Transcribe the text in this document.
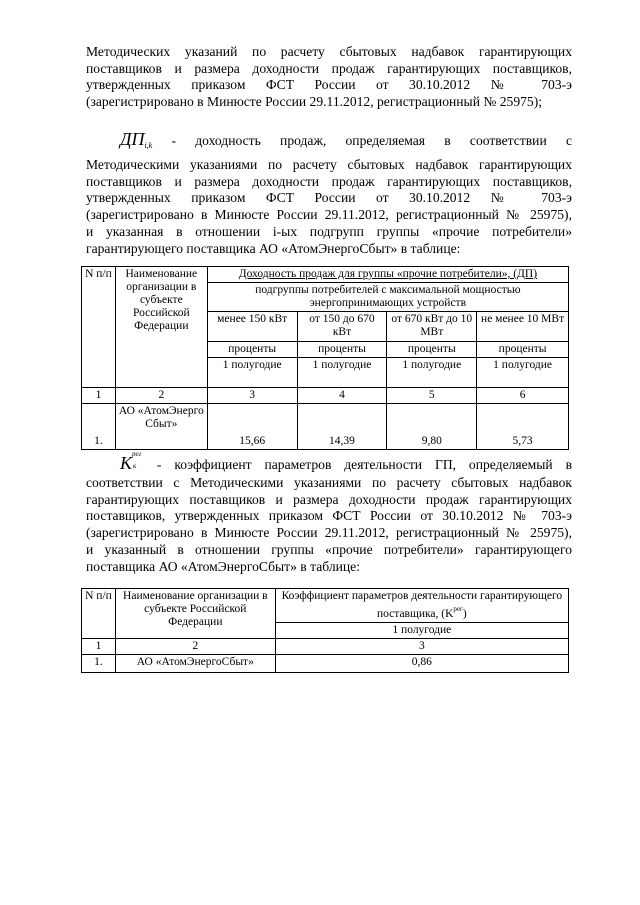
Методических указаний по расчету сбытовых надбавок гарантирующих
поставщиков и размера доходности продаж гарантирующих поставщиков,
утвержденных приказом ФСТ России от 30.10.2012 № 703-э
(зарегистрировано в Минюсте России 29.11.2012, регистрационный № 25975);
$ДП_{i,k}$ - доходность продаж, определяемая в соответствии с
Методическими указаниями по расчету сбытовых надбавок гарантирующих
поставщиков и размера доходности продаж гарантирующих поставщиков,
утвержденных приказом ФСТ России от 30.10.2012 № 703-э
(зарегистрировано в Минюсте России 29.11.2012, регистрационный № 25975),
и указанная в отношении i-ых подгрупп группы «прочие потребители»
гарантирующего поставщика АО «АтомЭнергоСбыт» в таблице:
N п/п	Наименование организации в субъекте Российской Федерации	Доходность продаж для группы «прочие потребители», (ДП)			
		подгруппы потребителей с максимальной мощностью энергопринимающих устройств			
		менее 150 кВт	от 150 до 670 кВт	от 670 кВт до 10 МВт	не менее 10 МВт
		проценты	проценты	проценты	проценты
		1 полугодие	1 полугодие	1 полугодие	1 полугодие
1	2	3	4	5	6
1.	АО «АтомЭнерго Сбыт»	15,66	14,39	9,80	5,73
K рег
к - коэффициент параметров деятельности ГП, определяемый в
соответствии с Методическими указаниями по расчету сбытовых надбавок
гарантирующих поставщиков и размера доходности продаж гарантирующих
поставщиков, утвержденных приказом ФСТ России от 30.10.2012 № 703-э
(зарегистрировано в Минюсте России 29.11.2012, регистрационный № 25975),
и указанный в отношении группы «прочие потребители» гарантирующего
поставщика АО «АтомЭнергоСбыт» в таблице:
N п/п	Наименование организации в субъекте Российской Федерации	Коэффициент параметров деятельности гарантирующего поставщика, $(K^{рег})$
		1 полугодие
1	2	3
1.	АО «АтомЭнергоСбыт»	0,86
